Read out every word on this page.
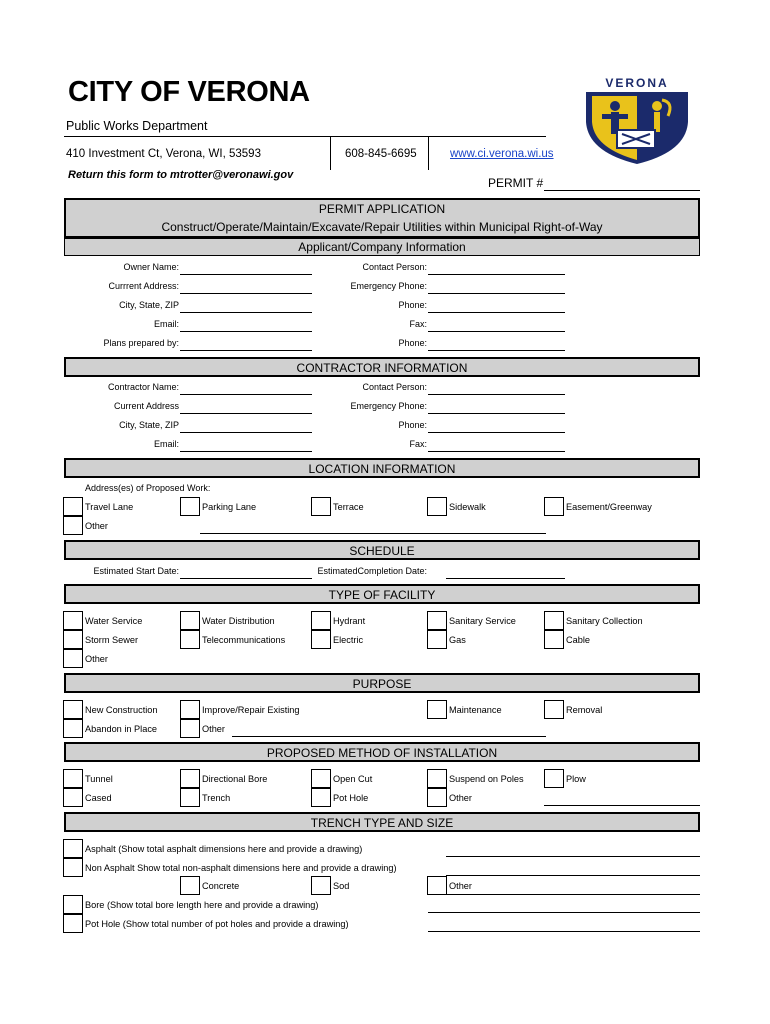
CITY OF VERONA
Public Works Department
410 Investment Ct, Verona, WI, 53593	608-845-6695	www.ci.verona.wi.us
Return this form to mtrotter@veronawi.gov
PERMIT #
VERONA
PERMIT APPLICATION
Construct/Operate/Maintain/Excavate/Repair Utilities within Municipal Right-of-Way
Applicant/Company Information
Owner Name:	Contact Person:
Currrent Address:	Emergency Phone:
City, State, ZIP	Phone:
Email:	Fax:
Plans prepared by:	Phone:
CONTRACTOR INFORMATION
Contractor Name:	Contact Person:
Current Address	Emergency Phone:
City, State, ZIP	Phone:
Email:	Fax:
LOCATION INFORMATION
Address(es) of Proposed Work:
Travel Lane	Parking Lane	Terrace	Sidewalk	Easement/Greenway
Other
SCHEDULE
Estimated Start Date:	EstimatedCompletion Date:
TYPE OF FACILITY
Water Service	Water Distribution	Hydrant	Sanitary Service	Sanitary Collection
Storm Sewer	Telecommunications	Electric	Gas	Cable
Other
PURPOSE
New Construction	Improve/Repair Existing	Maintenance	Removal
Abandon in Place	Other
PROPOSED METHOD OF INSTALLATION
Tunnel	Directional Bore	Open Cut	Suspend on Poles	Plow
Cased	Trench	Pot Hole	Other
TRENCH TYPE AND SIZE
Asphalt (Show total asphalt dimensions here and provide a drawing)
Non Asphalt Show total non-asphalt dimensions here and provide a drawing)
Concrete	Sod	Other
Bore (Show total bore length here and provide a drawing)
Pot Hole (Show total number of pot holes and provide a drawing)
